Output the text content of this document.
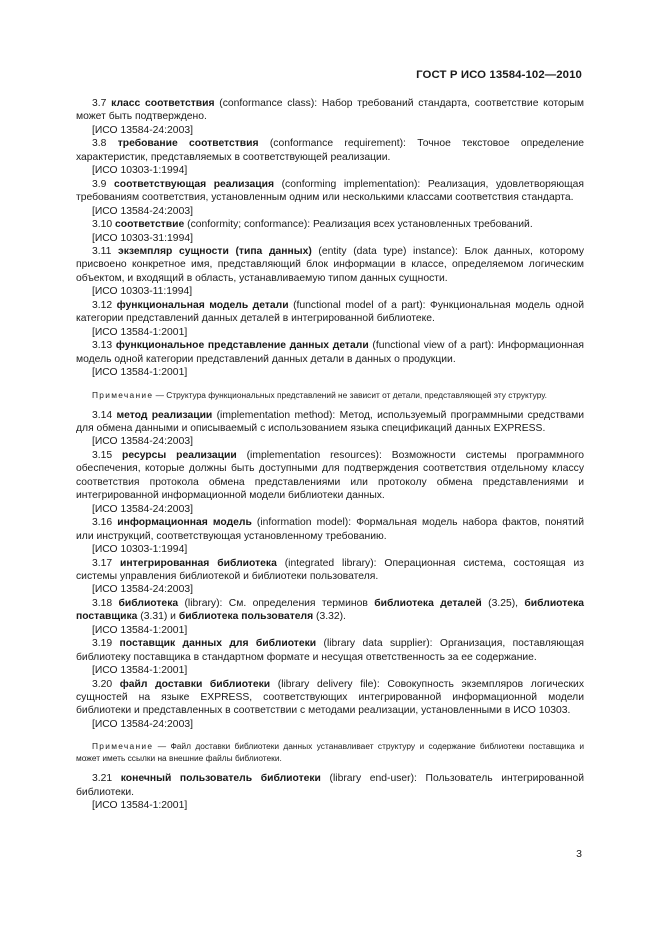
ГОСТ Р ИСО 13584-102—2010
3.7 класс соответствия (conformance class): Набор требований стандарта, соответствие которым может быть подтверждено.
[ИСО 13584-24:2003]
3.8 требование соответствия (conformance requirement): Точное текстовое определение характеристик, представляемых в соответствующей реализации.
[ИСО 10303-1:1994]
3.9 соответствующая реализация (conforming implementation): Реализация, удовлетворяющая требованиям соответствия, установленным одним или несколькими классами соответствия стандарта.
[ИСО 13584-24:2003]
3.10 соответствие (conformity; conformance): Реализация всех установленных требований.
[ИСО 10303-31:1994]
3.11 экземпляр сущности (типа данных) (entity (data type) instance): Блок данных, которому присвоено конкретное имя, представляющий блок информации в классе, определяемом логическим объектом, и входящий в область, устанавливаемую типом данных сущности.
[ИСО 10303-11:1994]
3.12 функциональная модель детали (functional model of a part): Функциональная модель одной категории представлений данных деталей в интегрированной библиотеке.
[ИСО 13584-1:2001]
3.13 функциональное представление данных детали (functional view of a part): Информационная модель одной категории представлений данных детали в данных о продукции.
[ИСО 13584-1:2001]
Примечание — Структура функциональных представлений не зависит от детали, представляющей эту структуру.
3.14 метод реализации (implementation method): Метод, используемый программными средствами для обмена данными и описываемый с использованием языка спецификаций данных EXPRESS.
[ИСО 13584-24:2003]
3.15 ресурсы реализации (implementation resources): Возможности системы программного обеспечения, которые должны быть доступными для подтверждения соответствия отдельному классу соответствия протокола обмена представлениями или протоколу обмена представлениями и интегрированной информационной модели библиотеки данных.
[ИСО 13584-24:2003]
3.16 информационная модель (information model): Формальная модель набора фактов, понятий или инструкций, соответствующая установленному требованию.
[ИСО 10303-1:1994]
3.17 интегрированная библиотека (integrated library): Операционная система, состоящая из системы управления библиотекой и библиотеки пользователя.
[ИСО 13584-24:2003]
3.18 библиотека (library): См. определения терминов библиотека деталей (3.25), библиотека поставщика (3.31) и библиотека пользователя (3.32).
[ИСО 13584-1:2001]
3.19 поставщик данных для библиотеки (library data supplier): Организация, поставляющая библиотеку поставщика в стандартном формате и несущая ответственность за ее содержание.
[ИСО 13584-1:2001]
3.20 файл доставки библиотеки (library delivery file): Совокупность экземпляров логических сущностей на языке EXPRESS, соответствующих интегрированной информационной модели библиотеки и представленных в соответствии с методами реализации, установленными в ИСО 10303.
[ИСО 13584-24:2003]
Примечание — Файл доставки библиотеки данных устанавливает структуру и содержание библиотеки поставщика и может иметь ссылки на внешние файлы библиотеки.
3.21 конечный пользователь библиотеки (library end-user): Пользователь интегрированной библиотеки.
[ИСО 13584-1:2001]
3
